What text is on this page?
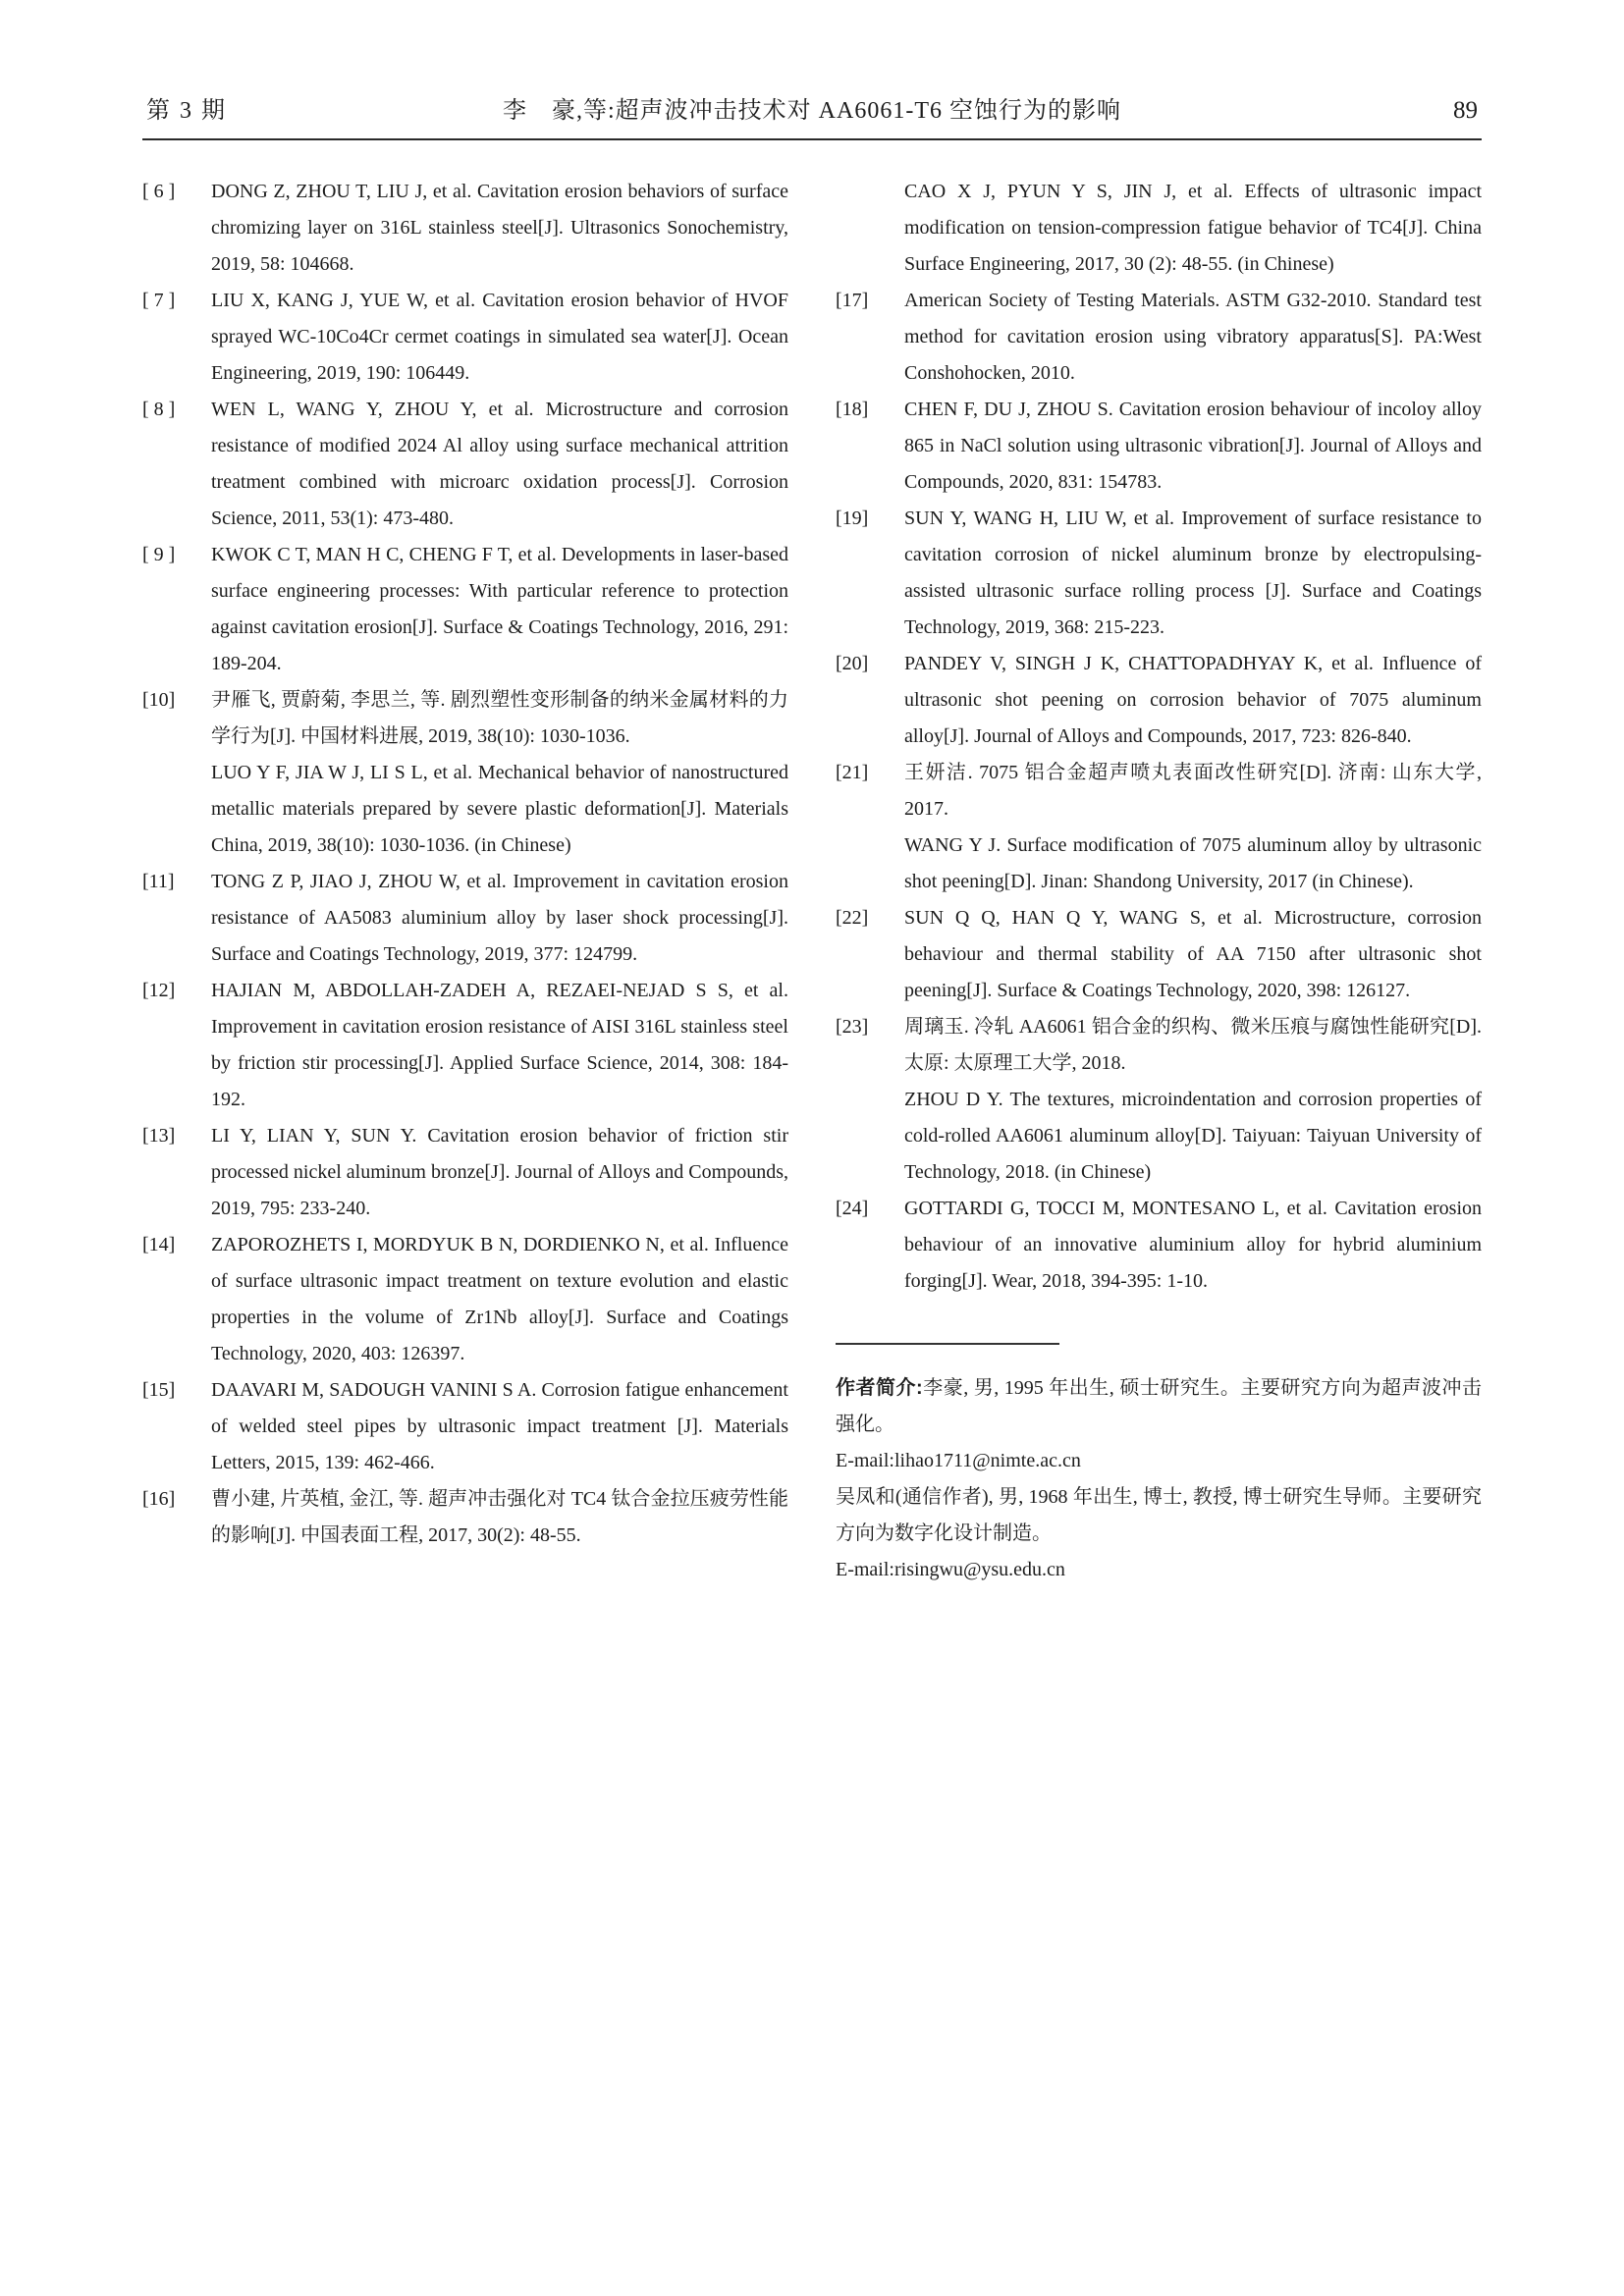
第 3 期	李　豪,等:超声波冲击技术对 AA6061-T6 空蚀行为的影响	89
[ 6 ]	DONG Z, ZHOU T, LIU J, et al. Cavitation erosion behaviors of surface chromizing layer on 316L stainless steel[J]. Ultrasonics Sonochemistry, 2019, 58: 104668.

[ 7 ]	LIU X, KANG J, YUE W, et al. Cavitation erosion behavior of HVOF sprayed WC-10Co4Cr cermet coatings in simulated sea water[J]. Ocean Engineering, 2019, 190: 106449.

[ 8 ]	WEN L, WANG Y, ZHOU Y, et al. Microstructure and corrosion resistance of modified 2024 Al alloy using surface mechanical attrition treatment combined with microarc oxidation process[J]. Corrosion Science, 2011, 53(1): 473-480.

[ 9 ]	KWOK C T, MAN H C, CHENG F T, et al. Developments in laser-based surface engineering processes: With particular reference to protection against cavitation erosion[J]. Surface & Coatings Technology, 2016, 291: 189-204.

[10]	尹雁飞, 贾蔚菊, 李思兰, 等. 剧烈塑性变形制备的纳米金属材料的力学行为[J]. 中国材料进展, 2019, 38(10): 1030-1036.

LUO Y F, JIA W J, LI S L, et al. Mechanical behavior of nanostructured metallic materials prepared by severe plastic deformation[J]. Materials China, 2019, 38(10): 1030-1036. (in Chinese)

[11]	TONG Z P, JIAO J, ZHOU W, et al. Improvement in cavitation erosion resistance of AA5083 aluminium alloy by laser shock processing[J]. Surface and Coatings Technology, 2019, 377: 124799.

[12]	HAJIAN M, ABDOLLAH-ZADEH A, REZAEI-NEJAD S S, et al. Improvement in cavitation erosion resistance of AISI 316L stainless steel by friction stir processing[J]. Applied Surface Science, 2014, 308: 184-192.

[13]	LI Y, LIAN Y, SUN Y. Cavitation erosion behavior of friction stir processed nickel aluminum bronze[J]. Journal of Alloys and Compounds, 2019, 795: 233-240.

[14]	ZAPOROZHETS I, MORDYUK B N, DORDIENKO N, et al. Influence of surface ultrasonic impact treatment on texture evolution and elastic properties in the volume of Zr1Nb alloy[J]. Surface and Coatings Technology, 2020, 403: 126397.

[15]	DAAVARI M, SADOUGH VANINI S A. Corrosion fatigue enhancement of welded steel pipes by ultrasonic impact treatment [J]. Materials Letters, 2015, 139: 462-466.

[16]	曹小建, 片英植, 金江, 等. 超声冲击强化对 TC4 钛合金拉压疲劳性能的影响[J]. 中国表面工程, 2017, 30(2): 48-55.

CAO X J, PYUN Y S, JIN J, et al. Effects of ultrasonic impact modification on tension-compression fatigue behavior of TC4[J]. China Surface Engineering, 2017, 30 (2): 48-55. (in Chinese)

[17]	American Society of Testing Materials. ASTM G32-2010. Standard test method for cavitation erosion using vibratory apparatus[S]. PA:West Conshohocken, 2010.

[18]	CHEN F, DU J, ZHOU S. Cavitation erosion behaviour of incoloy alloy 865 in NaCl solution using ultrasonic vibration[J]. Journal of Alloys and Compounds, 2020, 831: 154783.

[19]	SUN Y, WANG H, LIU W, et al. Improvement of surface resistance to cavitation corrosion of nickel aluminum bronze by electropulsing-assisted ultrasonic surface rolling process [J]. Surface and Coatings Technology, 2019, 368: 215-223.

[20]	PANDEY V, SINGH J K, CHATTOPADHYAY K, et al. Influence of ultrasonic shot peening on corrosion behavior of 7075 aluminum alloy[J]. Journal of Alloys and Compounds, 2017, 723: 826-840.

[21]	王妍洁. 7075 铝合金超声喷丸表面改性研究[D]. 济南: 山东大学, 2017.

WANG Y J. Surface modification of 7075 aluminum alloy by ultrasonic shot peening[D]. Jinan: Shandong University, 2017 (in Chinese).

[22]	SUN Q Q, HAN Q Y, WANG S, et al. Microstructure, corrosion behaviour and thermal stability of AA 7150 after ultrasonic shot peening[J]. Surface & Coatings Technology, 2020, 398: 126127.

[23]	周璃玉. 冷轧 AA6061 铝合金的织构、微米压痕与腐蚀性能研究[D]. 太原: 太原理工大学, 2018.

ZHOU D Y. The textures, microindentation and corrosion properties of cold-rolled AA6061 aluminum alloy[D]. Taiyuan: Taiyuan University of Technology, 2018. (in Chinese)

[24]	GOTTARDI G, TOCCI M, MONTESANO L, et al. Cavitation erosion behaviour of an innovative aluminium alloy for hybrid aluminium forging[J]. Wear, 2018, 394-395: 1-10.

作者简介:李豪, 男, 1995 年出生, 硕士研究生。主要研究方向为超声波冲击强化。

E-mail:lihao1711@nimte.ac.cn

吴凤和(通信作者), 男, 1968 年出生, 博士, 教授, 博士研究生导师。主要研究方向为数字化设计制造。

E-mail:risingwu@ysu.edu.cn
